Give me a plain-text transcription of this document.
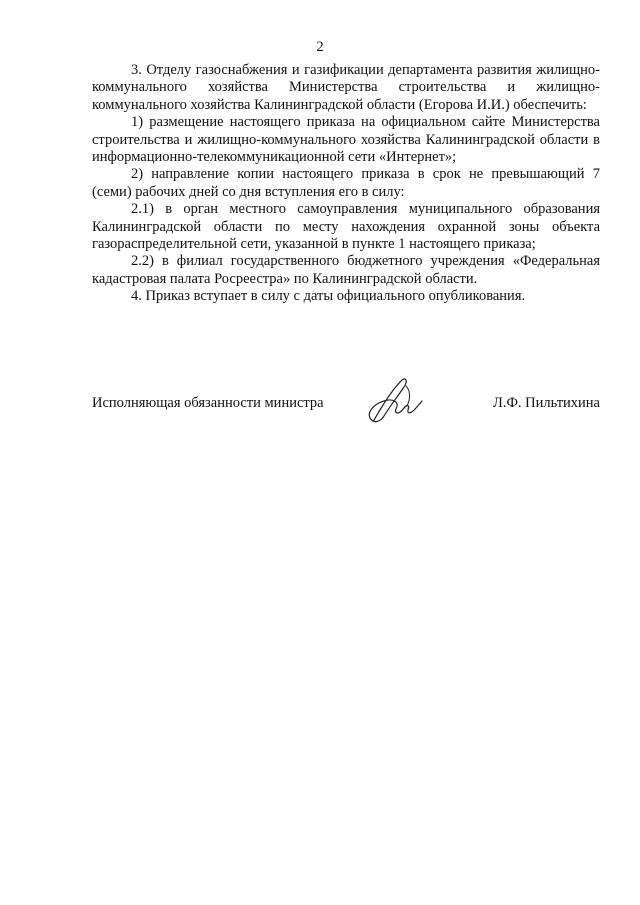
2

3. Отделу газоснабжения и газификации департамента развития жилищно-коммунального хозяйства Министерства строительства и жилищно-коммунального хозяйства Калининградской области (Егорова И.И.) обеспечить:

1) размещение настоящего приказа на официальном сайте Министерства строительства и жилищно-коммунального хозяйства Калининградской области в информационно-телекоммуникационной сети «Интернет»;

2) направление копии настоящего приказа в срок не превышающий 7 (семи) рабочих дней со дня вступления его в силу:

2.1) в орган местного самоуправления муниципального образования Калининградской области по месту нахождения охранной зоны объекта газораспределительной сети, указанной в пункте 1 настоящего приказа;

2.2) в филиал государственного бюджетного учреждения «Федеральная кадастровая палата Росреестра» по Калининградской области.

4. Приказ вступает в силу с даты официального опубликования.

Исполняющая обязанности министра	Л.Ф. Пильтихина
